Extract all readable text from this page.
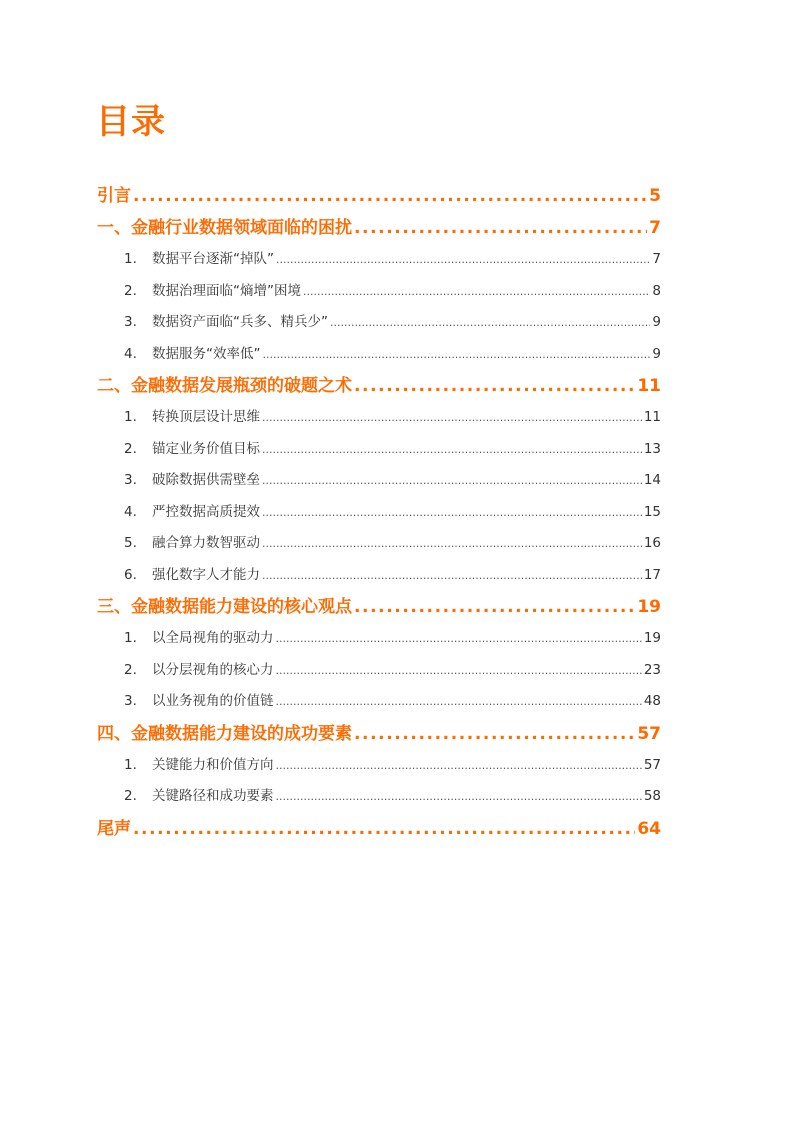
目录
引言 .....	5
一、金融行业数据领域面临的困扰 .....	7
1.	数据平台逐渐“掉队” .....	7
2.	数据治理面临“熵增”困境 .....	8
3.	数据资产面临“兵多、精兵少” .....	9
4.	数据服务“效率低” .....	9
二、金融数据发展瓶颈的破题之术 .....	11
1.	转换顶层设计思维 .....	11
2.	锚定业务价值目标 .....	13
3.	破除数据供需壁垒 .....	14
4.	严控数据高质提效 .....	15
5.	融合算力数智驱动 .....	16
6.	强化数字人才能力 .....	17
三、金融数据能力建设的核心观点 .....	19
1.	以全局视角的驱动力 .....	19
2.	以分层视角的核心力 .....	23
3.	以业务视角的价值链 .....	48
四、金融数据能力建设的成功要素 .....	57
1.	关键能力和价值方向 .....	57
2.	关键路径和成功要素 .....	58
尾声 .....	64
